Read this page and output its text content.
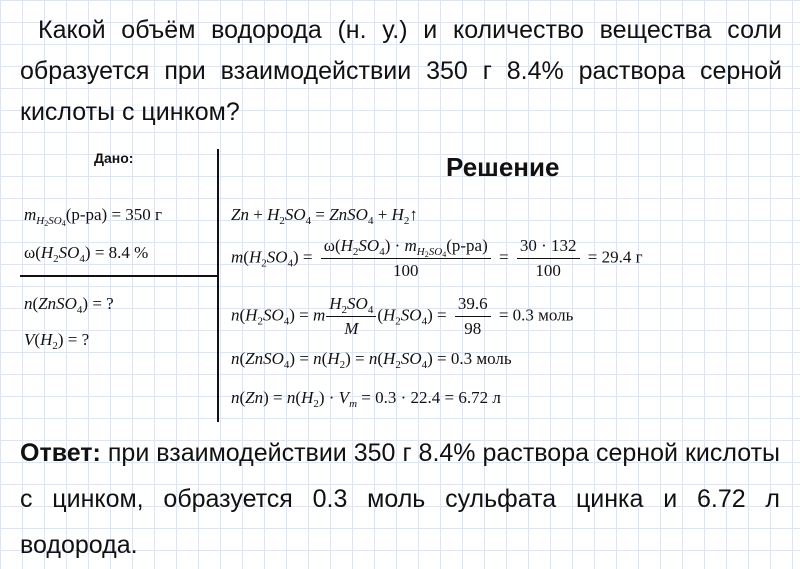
Какой объём водорода (н. у.) и количество вещества соли образуется при взаимодействии 350 г 8.4% раствора серной кислоты с цинком?
Дано:	Решение
$m_{H_2SO_4}(р-ра) = 350$ г
$\omega(H_2SO_4) = 8.4$ %
n(ZnSO$_4$) = ?
$V(H_2)$ = ?
$Zn + H_2SO_4$ = ZnSO$_4$ + $H_2↑$
$m(H_2SO_4) = \frac{\omega(H_2SO_4) \cdot m_{H_2SO_4}(р-ра)}{100} = \frac{30 \cdot 132}{100} = 29.4$ г
$n(H_2SO_4) = m \frac{H_2SO_4}{M} (H_2SO_4) = \frac{39.6}{98} = 0.3$ моль
n(ZnSO$_4$) = $n(H_2) = n(H_2SO_4) = 0.3$ моль
$n(Zn) = n(H_2) \cdot V_m = 0.3 \cdot 22.4 = 6.72$ л
Ответ: при взаимодействии 350 г 8.4% раствора серной кислоты с цинком, образуется 0.3 моль сульфата цинка и 6.72 л водорода.
